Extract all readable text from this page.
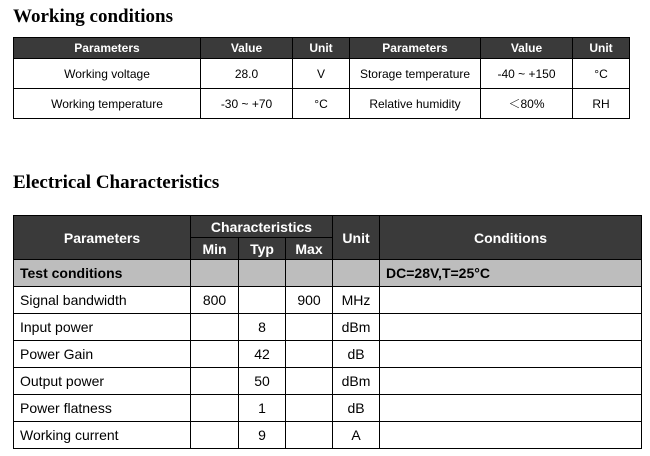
Working conditions
Parameters	Value	Unit	Parameters	Value	Unit
Working voltage	28.0	V	Storage temperature	-40 ~ +150	°C
Working temperature	-30 ~ +70	°C	Relative humidity	＜80%	RH
Electrical Characteristics
Parameters	Characteristics			Unit	Conditions
	Min	Typ	Max		
Test conditions					DC=28V,T=25°C
Signal bandwidth	800		900	MHz	
Input power		8		dBm	
Power Gain		42		dB	
Output power		50		dBm	
Power flatness		1		dB	
Working current		9		A	
